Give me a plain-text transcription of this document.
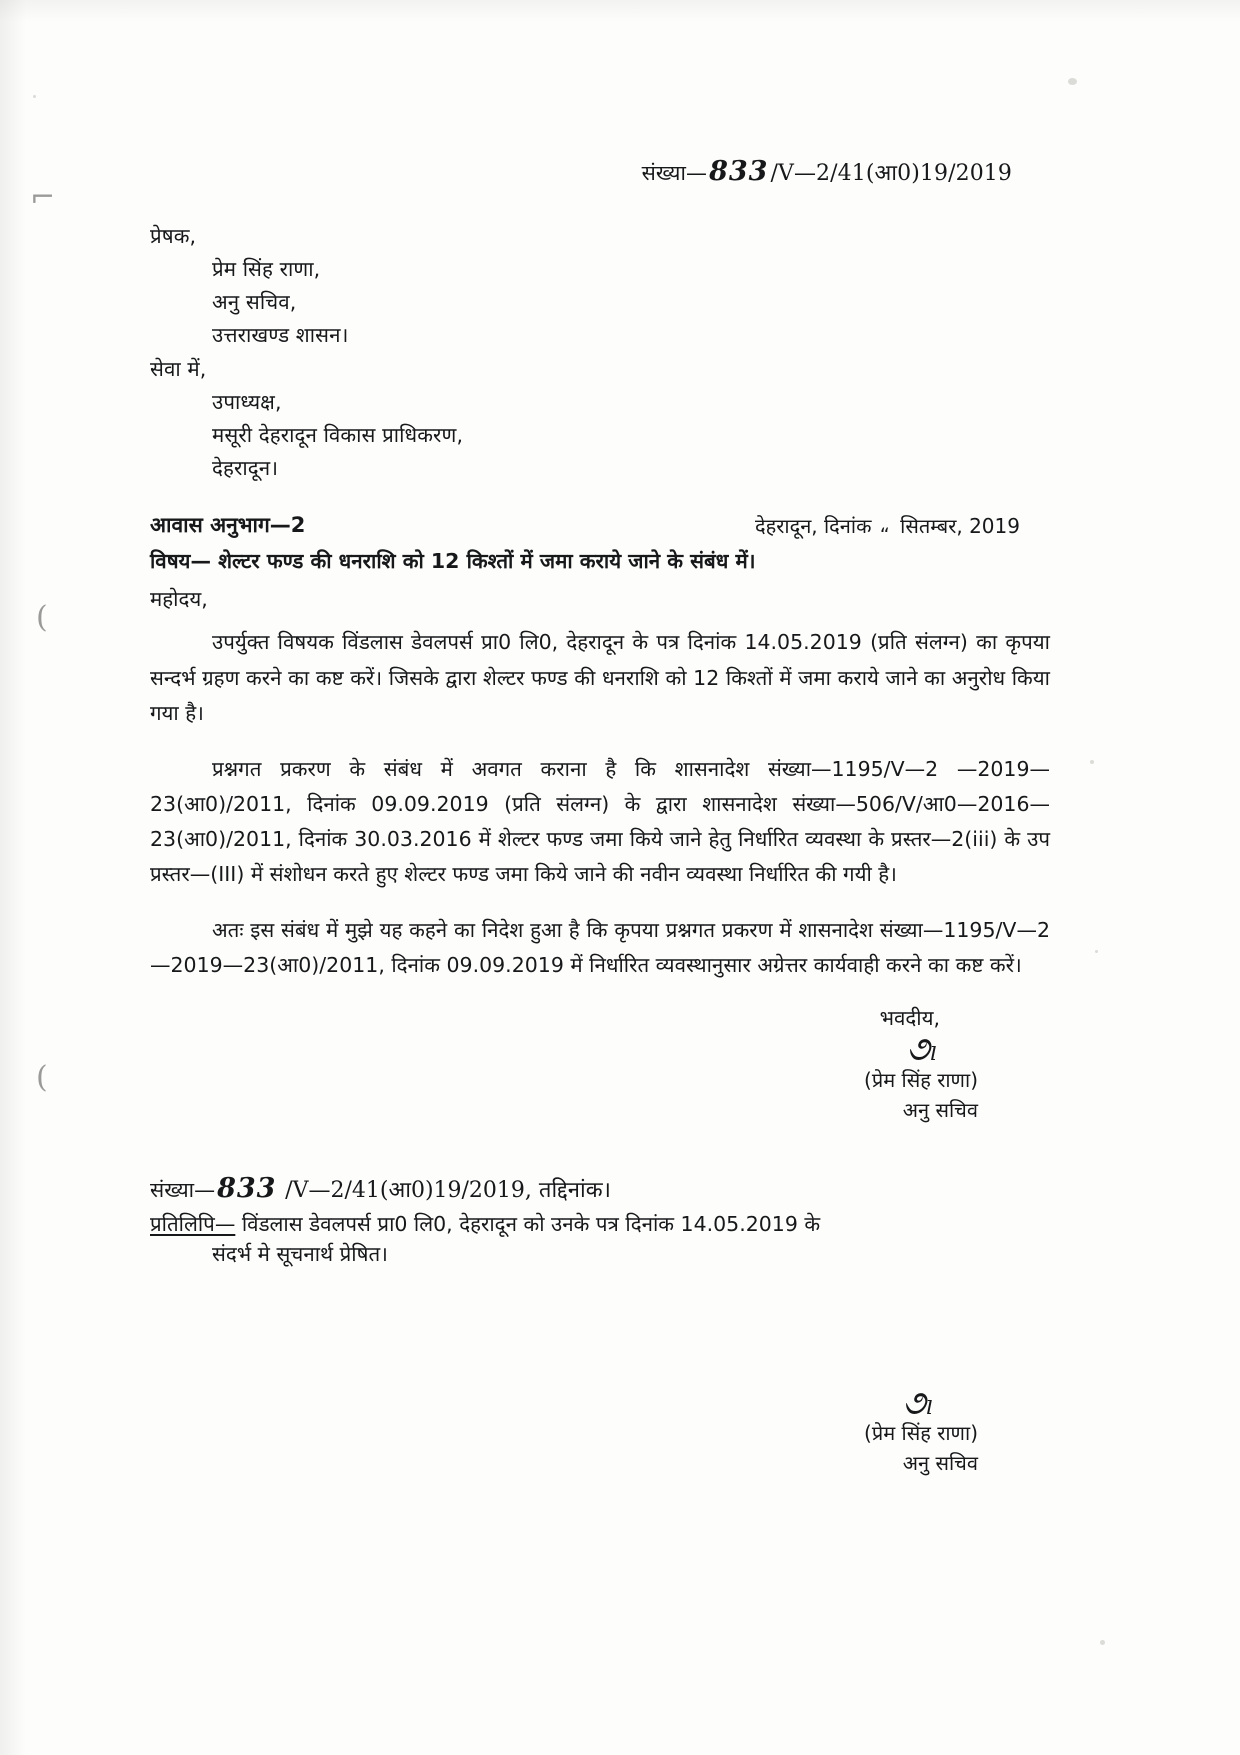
⌐
(
(
संख्या—833/V—2/41(आ0)19/2019
प्रेषक,
प्रेम सिंह राणा,
अनु सचिव,
उत्तराखण्ड शासन।
सेवा में,
उपाध्यक्ष,
मसूरी देहरादून विकास प्राधिकरण,
देहरादून।
आवास अनुभाग—2	देहरादून, दिनांक सितम्बर, 2019
विषय— शेल्टर फण्ड की धनराशि को 12 किश्तों में जमा कराये जाने के संबंध में।
महोदय,

उपर्युक्त विषयक विंडलास डेवलपर्स प्रा0 लि0, देहरादून के पत्र दिनांक 14.05.2019 (प्रति संलग्न) का कृपया सन्दर्भ ग्रहण करने का कष्ट करें। जिसके द्वारा शेल्टर फण्ड की धनराशि को 12 किश्तों में जमा कराये जाने का अनुरोध किया गया है।

प्रश्नगत प्रकरण के संबंध में अवगत कराना है कि शासनादेश संख्या—1195/V—2 —2019—23(आ0)/2011, दिनांक 09.09.2019 (प्रति संलग्न) के द्वारा शासनादेश संख्या—506/V/आ0—2016— 23(आ0)/2011, दिनांक 30.03.2016 में शेल्टर फण्ड जमा किये जाने हेतु निर्धारित व्यवस्था के प्रस्तर—2(iii) के उप प्रस्तर—(III) में संशोधन करते हुए शेल्टर फण्ड जमा किये जाने की नवीन व्यवस्था निर्धारित की गयी है।

अतः इस संबंध में मुझे यह कहने का निदेश हुआ है कि कृपया प्रश्नगत प्रकरण में शासनादेश संख्या—1195/V—2 —2019—23(आ0)/2011, दिनांक 09.09.2019 में निर्धारित व्यवस्थानुसार अग्रेत्तर कार्यवाही करने का कष्ट करें।

भवदीय,
૭ₗ
(प्रेम सिंह राणा)
अनु सचिव
संख्या—833 /V—2/41(आ0)19/2019, तद्दिनांक।
प्रतिलिपि— विंडलास डेवलपर्स प्रा0 लि0, देहरादून को उनके पत्र दिनांक 14.05.2019 के
संदर्भ मे सूचनार्थ प्रेषित।
૭ₗ
(प्रेम सिंह राणा)
अनु सचिव
